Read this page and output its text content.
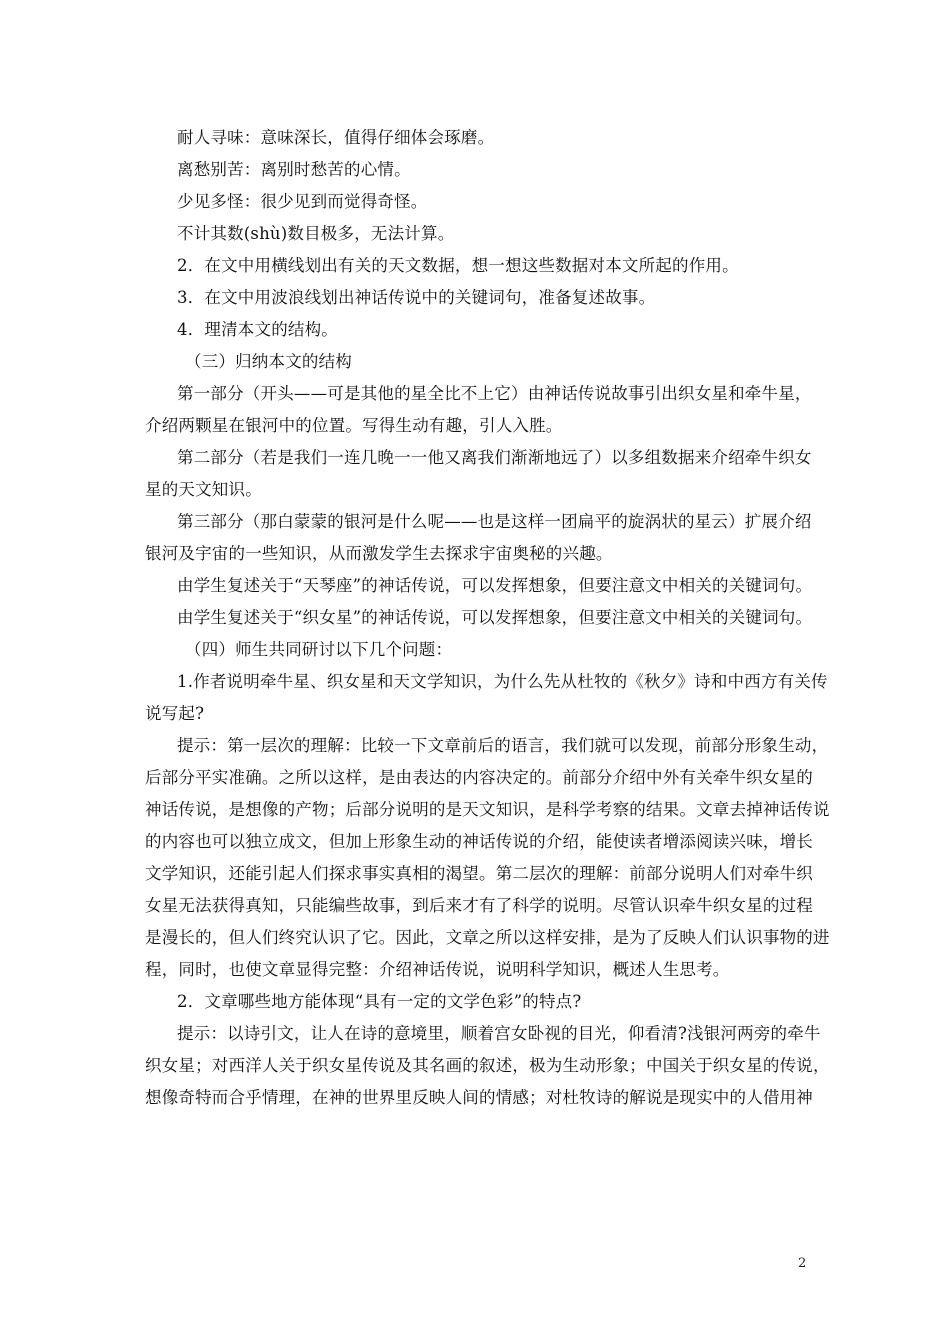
耐人寻味：意味深长，值得仔细体会琢磨。
离愁别苦：离别时愁苦的心情。
少见多怪：很少见到而觉得奇怪。
不计其数(shù)数目极多，无法计算。
2．在文中用横线划出有关的天文数据，想一想这些数据对本文所起的作用。
3．在文中用波浪线划出神话传说中的关键词句，准备复述故事。
4．理清本文的结构。
（三）归纳本文的结构
第一部分（开头——可是其他的星全比不上它）由神话传说故事引出织女星和牵牛星，
介绍两颗星在银河中的位置。写得生动有趣，引人入胜。
第二部分（若是我们一连几晚一一他又离我们渐渐地远了）以多组数据来介绍牵牛织女
星的天文知识。
第三部分（那白蒙蒙的银河是什么呢——也是这样一团扁平的旋涡状的星云）扩展介绍
银河及宇宙的一些知识，从而激发学生去探求宇宙奥秘的兴趣。
由学生复述关于“天琴座”的神话传说，可以发挥想象，但要注意文中相关的关键词句。
由学生复述关于“织女星”的神话传说，可以发挥想象，但要注意文中相关的关键词句。
（四）师生共同研讨以下几个问题：
1.作者说明牵牛星、织女星和天文学知识，为什么先从杜牧的《秋夕》诗和中西方有关传
说写起?
提示：第一层次的理解：比较一下文章前后的语言，我们就可以发现，前部分形象生动，
后部分平实准确。之所以这样，是由表达的内容决定的。前部分介绍中外有关牵牛织女星的
神话传说，是想像的产物；后部分说明的是天文知识，是科学考察的结果。文章去掉神话传说
的内容也可以独立成文，但加上形象生动的神话传说的介绍，能使读者增添阅读兴味，增长
文学知识，还能引起人们探求事实真相的渴望。第二层次的理解：前部分说明人们对牵牛织
女星无法获得真知，只能编些故事，到后来才有了科学的说明。尽管认识牵牛织女星的过程
是漫长的，但人们终究认识了它。因此，文章之所以这样安排，是为了反映人们认识事物的进
程，同时，也使文章显得完整：介绍神话传说，说明科学知识，概述人生思考。
2．文章哪些地方能体现“具有一定的文学色彩”的特点?
提示：以诗引文，让人在诗的意境里，顺着宫女卧视的目光，仰看清?浅银河两旁的牵牛
织女星；对西洋人关于织女星传说及其名画的叙述，极为生动形象；中国关于织女星的传说，
想像奇特而合乎情理，在神的世界里反映人间的情感；对杜牧诗的解说是现实中的人借用神
2
